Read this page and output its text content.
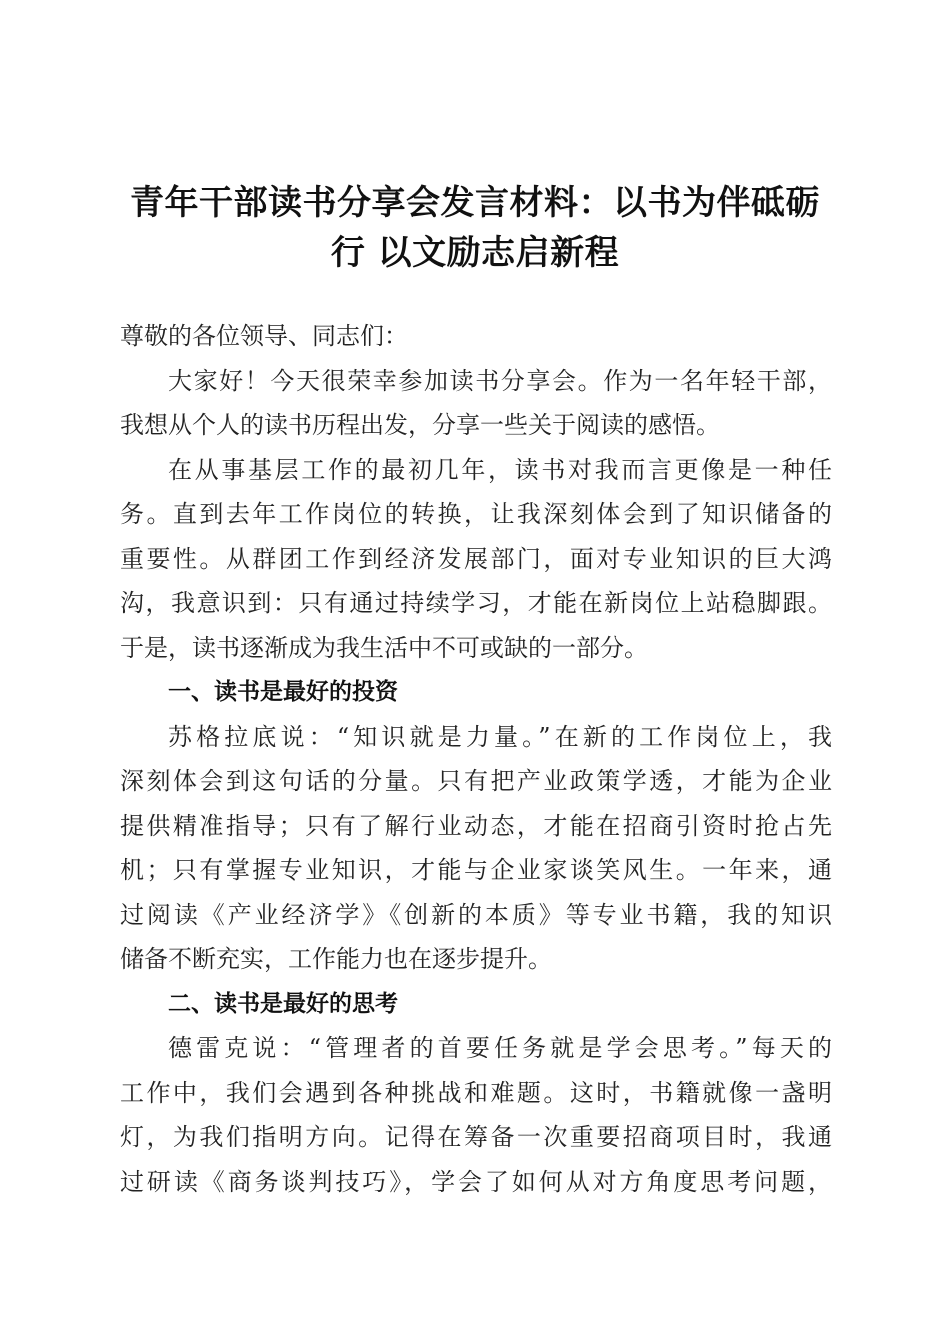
青年干部读书分享会发言材料：以书为伴砥砺
行 以文励志启新程
尊敬的各位领导、同志们：
大家好！今天很荣幸参加读书分享会。作为一名年轻干部，
我想从个人的读书历程出发，分享一些关于阅读的感悟。
在从事基层工作的最初几年，读书对我而言更像是一种任
务。直到去年工作岗位的转换，让我深刻体会到了知识储备的
重要性。从群团工作到经济发展部门，面对专业知识的巨大鸿
沟，我意识到：只有通过持续学习，才能在新岗位上站稳脚跟。
于是，读书逐渐成为我生活中不可或缺的一部分。
一、读书是最好的投资
苏格拉底说：“知识就是力量。”在新的工作岗位上，我
深刻体会到这句话的分量。只有把产业政策学透，才能为企业
提供精准指导；只有了解行业动态，才能在招商引资时抢占先
机；只有掌握专业知识，才能与企业家谈笑风生。一年来，通
过阅读《产业经济学》《创新的本质》等专业书籍，我的知识
储备不断充实，工作能力也在逐步提升。
二、读书是最好的思考
德雷克说：“管理者的首要任务就是学会思考。”每天的
工作中，我们会遇到各种挑战和难题。这时，书籍就像一盏明
灯，为我们指明方向。记得在筹备一次重要招商项目时，我通
过研读《商务谈判技巧》，学会了如何从对方角度思考问题，
